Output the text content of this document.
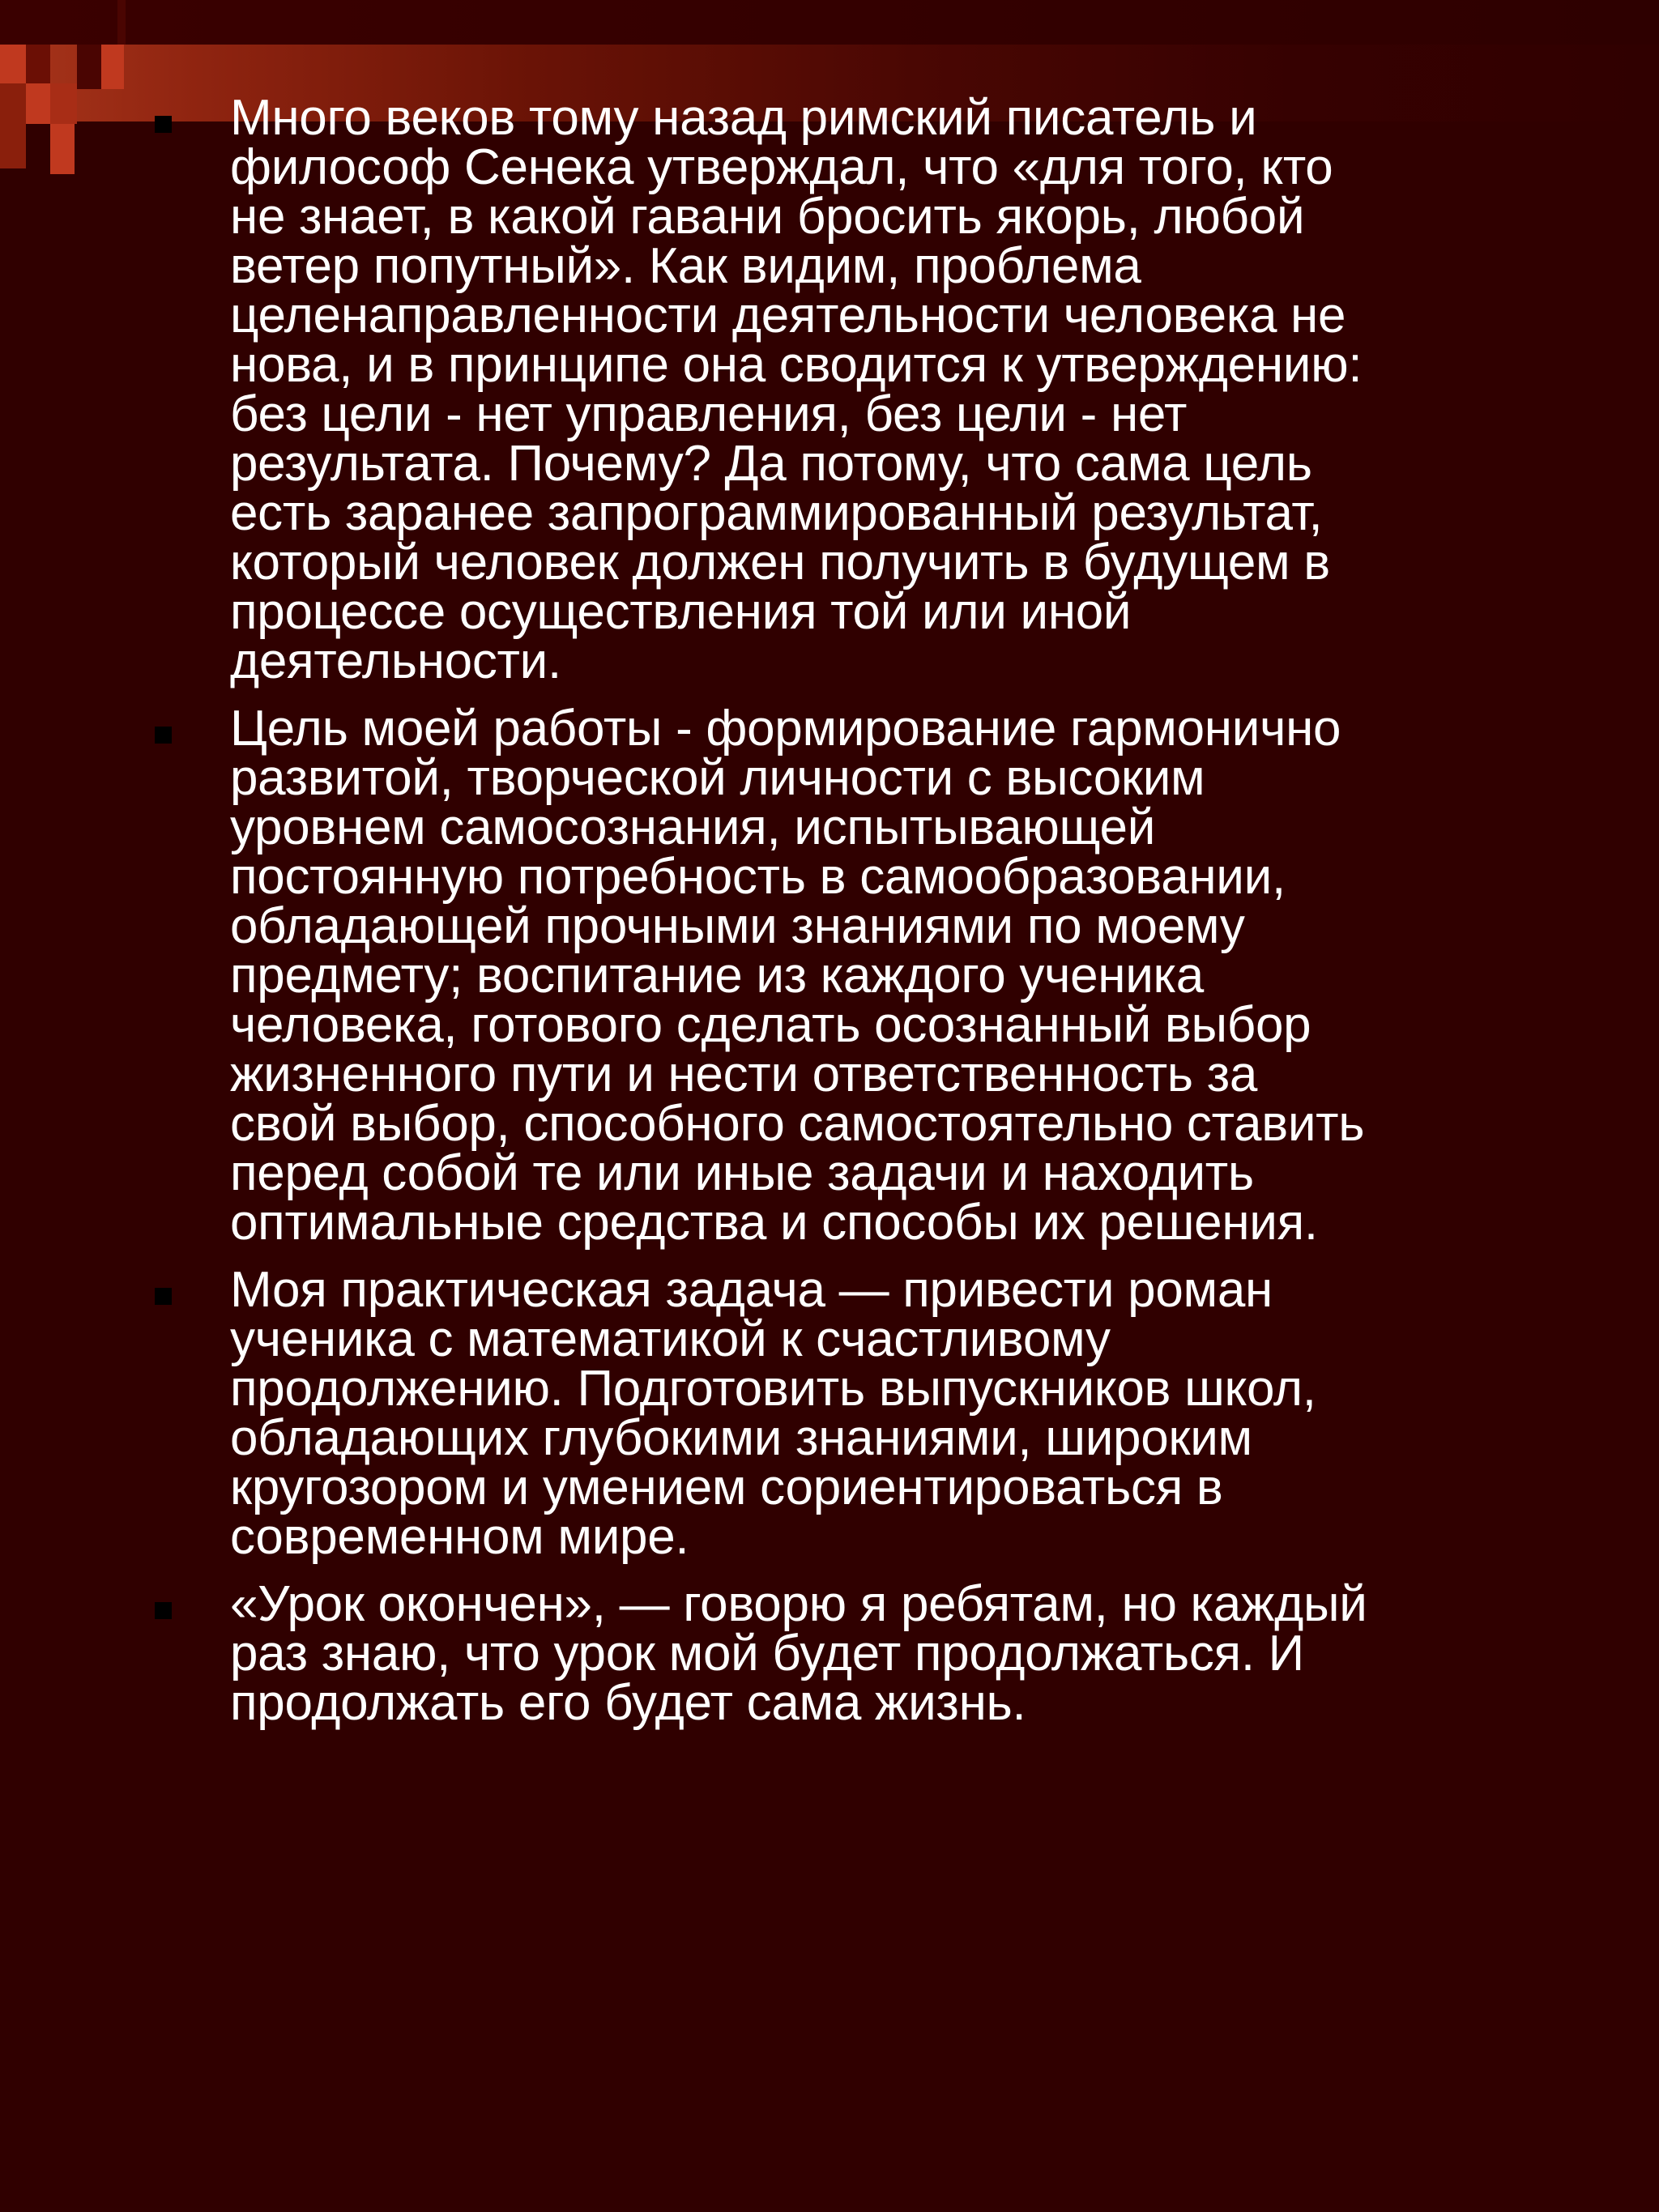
Много веков тому назад римский писатель и
философ Сенека утверждал, что «для того, кто
не знает, в какой гавани бросить якорь, любой
ветер попутный». Как видим, проблема
целенаправленности деятельности человека не
нова, и в принципе она сводится к утверждению:
без цели - нет управления, без цели - нет
результата. Почему? Да потому, что сама цель
есть заранее запрограммированный результат,
который человек должен получить в будущем в
процессе осуществления той или иной
деятельности.
Цель моей работы - формирование гармонично
развитой, творческой личности с высоким
уровнем самосознания, испытывающей
постоянную потребность в самообразовании,
обладающей прочными знаниями по моему
предмету; воспитание из каждого ученика
человека, готового сделать осознанный выбор
жизненного пути и нести ответственность за
свой выбор, способного самостоятельно ставить
перед собой те или иные задачи и находить
оптимальные средства и способы их решения.
Моя практическая задача — привести роман
ученика с математикой к счастливому
продолжению. Подготовить выпускников школ,
обладающих глубокими знаниями, широким
кругозором и умением сориентироваться в
современном мире.
«Урок окончен», — говорю я ребятам, но каждый
раз знаю, что урок мой будет продолжаться. И
продолжать его будет сама жизнь.
